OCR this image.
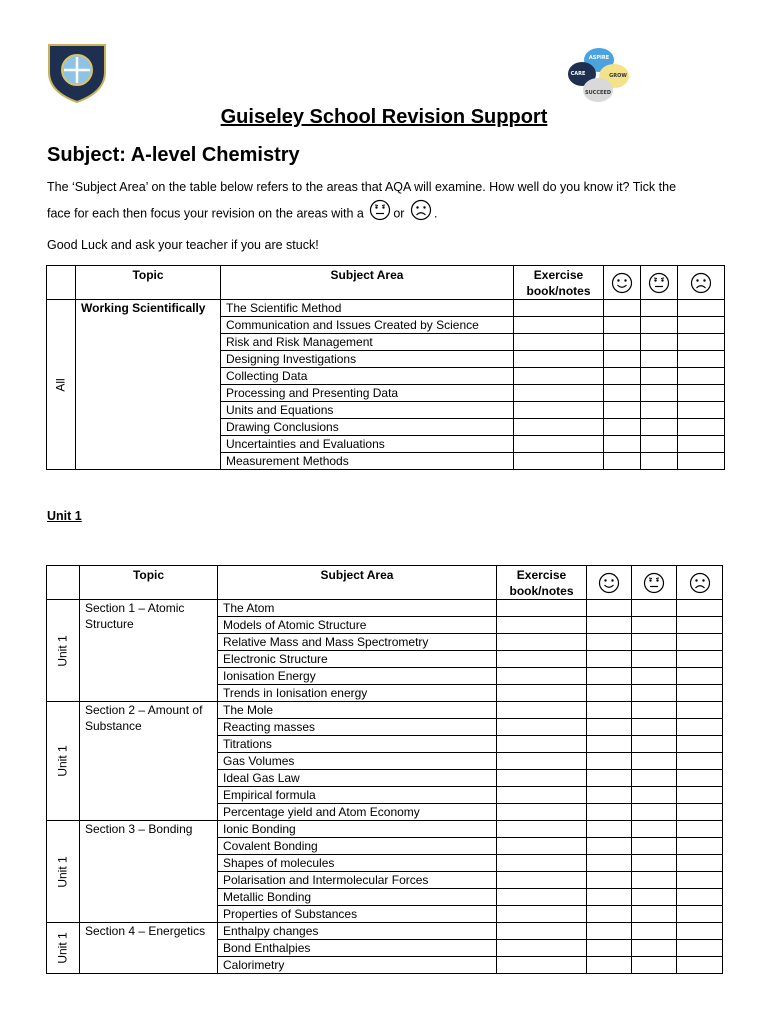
ASPIRE
CARE	GROW
SUCCEED
Guiseley School Revision Support
Subject: A-level Chemistry
The ‘Subject Area’ on the table below refers to the areas that AQA will examine. How well do you know it? Tick the
face for each then focus your revision on the areas with a or .
Good Luck and ask your teacher if you are stuck!
	Topic	Subject Area	Exercise book/notes	

All	Working Scientifically	The Scientific Method				
		Communication and Issues Created by Science				
		Risk and Risk Management				
		Designing Investigations				
		Collecting Data				
		Processing and Presenting Data				
		Units and Equations				
		Drawing Conclusions				
		Uncertainties and Evaluations				
		Measurement Methods				
Unit 1
	Topic	Subject Area	Exercise book/notes	

Unit 1	Section 1 – Atomic Structure	The Atom				
		Models of Atomic Structure				
		Relative Mass and Mass Spectrometry				
		Electronic Structure				
		Ionisation Energy				
		Trends in Ionisation energy				
Unit 1	Section 2 – Amount of Substance	The Mole				
		Reacting masses				
		Titrations				
		Gas Volumes				
		Ideal Gas Law				
		Empirical formula				
		Percentage yield and Atom Economy				
Unit 1	Section 3 – Bonding	Ionic Bonding				
		Covalent Bonding				
		Shapes of molecules				
		Polarisation and Intermolecular Forces				
		Metallic Bonding				
		Properties of Substances				
Unit 1	Section 4 – Energetics	Enthalpy changes				
		Bond Enthalpies				
		Calorimetry				
